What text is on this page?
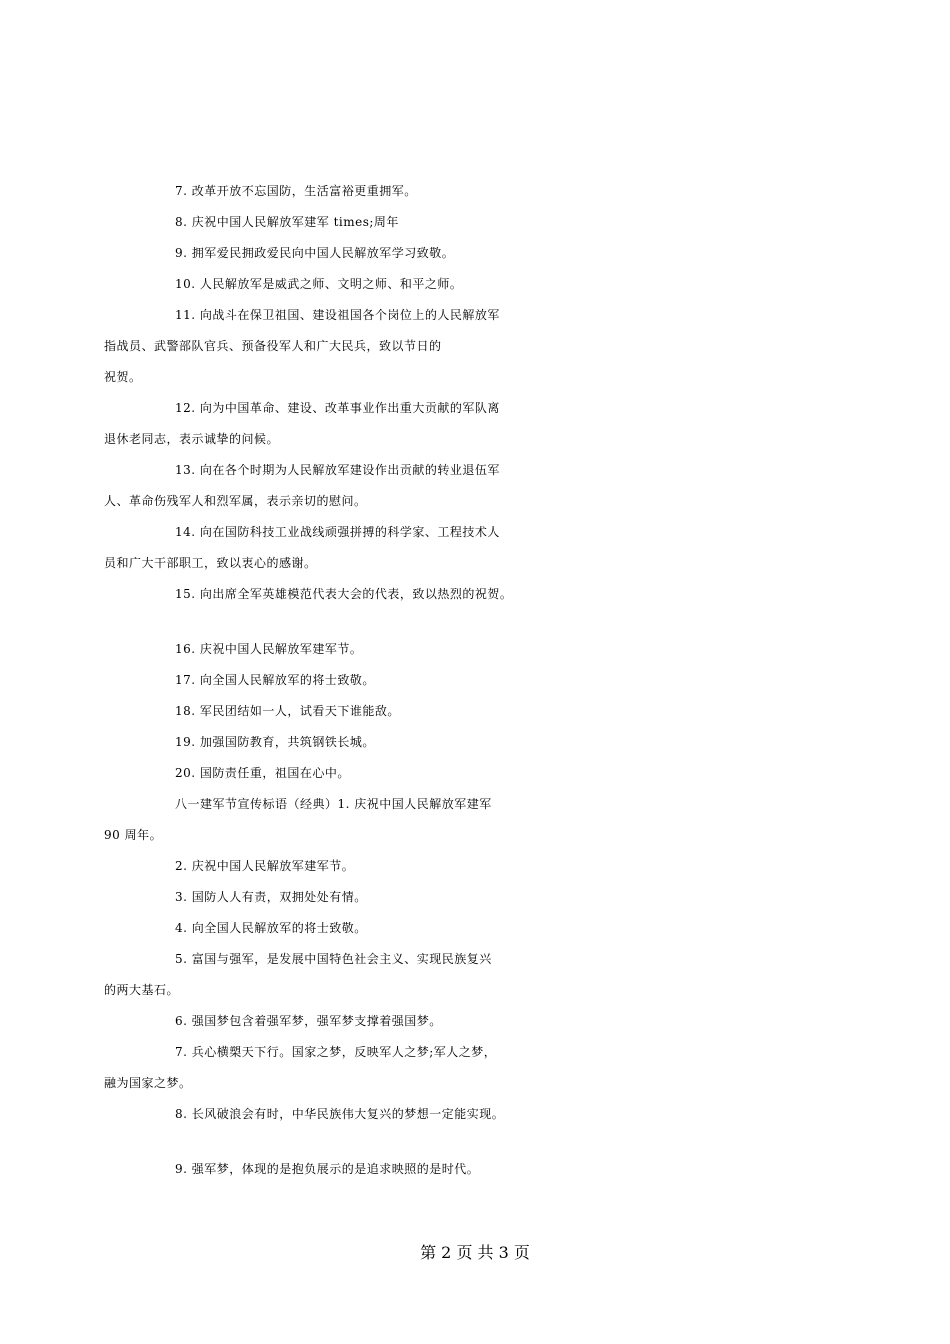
7. 改革开放不忘国防，生活富裕更重拥军。
8. 庆祝中国人民解放军建军 times;周年
9. 拥军爱民拥政爱民向中国人民解放军学习致敬。
10. 人民解放军是威武之师、文明之师、和平之师。
11. 向战斗在保卫祖国、建设祖国各个岗位上的人民解放军
指战员、武警部队官兵、预备役军人和广大民兵，致以节日的
祝贺。
12. 向为中国革命、建设、改革事业作出重大贡献的军队离
退休老同志，表示诚挚的问候。
13. 向在各个时期为人民解放军建设作出贡献的转业退伍军
人、革命伤残军人和烈军属，表示亲切的慰问。
14. 向在国防科技工业战线顽强拼搏的科学家、工程技术人
员和广大干部职工，致以衷心的感谢。
15. 向出席全军英雄模范代表大会的代表，致以热烈的祝贺。
16. 庆祝中国人民解放军建军节。
17. 向全国人民解放军的将士致敬。
18. 军民团结如一人，试看天下谁能敌。
19. 加强国防教育，共筑钢铁长城。
20. 国防责任重，祖国在心中。
八一建军节宣传标语（经典）1. 庆祝中国人民解放军建军
90 周年。
2. 庆祝中国人民解放军建军节。
3. 国防人人有责，双拥处处有情。
4. 向全国人民解放军的将士致敬。
5. 富国与强军，是发展中国特色社会主义、实现民族复兴
的两大基石。
6. 强国梦包含着强军梦，强军梦支撑着强国梦。
7. 兵心横槊天下行。国家之梦，反映军人之梦;军人之梦，
融为国家之梦。
8. 长风破浪会有时，中华民族伟大复兴的梦想一定能实现。
9. 强军梦，体现的是抱负展示的是追求映照的是时代。
第 2 页 共 3 页
